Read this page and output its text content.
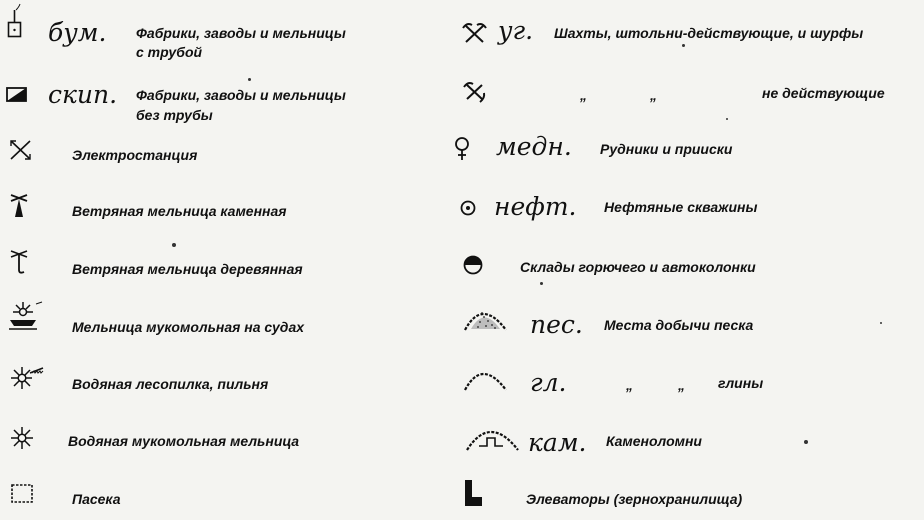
бум. Фабрики, заводы и мельницы
с трубой
скип. Фабрики, заводы и мельницы
без трубы
Электростанция
Ветряная мельница каменная
Ветряная мельница деревянная
Мельница мукомольная на судах
Водяная лесопилка, пильня
Водяная мукомольная мельница
Пасека
уг. Шахты, штольни-действующие, и шурфы
„	„	не действующие
медн. Рудники и прииски
нефт. Нефтяные скважины
Склады горючего и автоколонки
пес. Места добычи песка
гл.	„	„ глины
кам. Каменоломни
Элеваторы (зернохранилища)
